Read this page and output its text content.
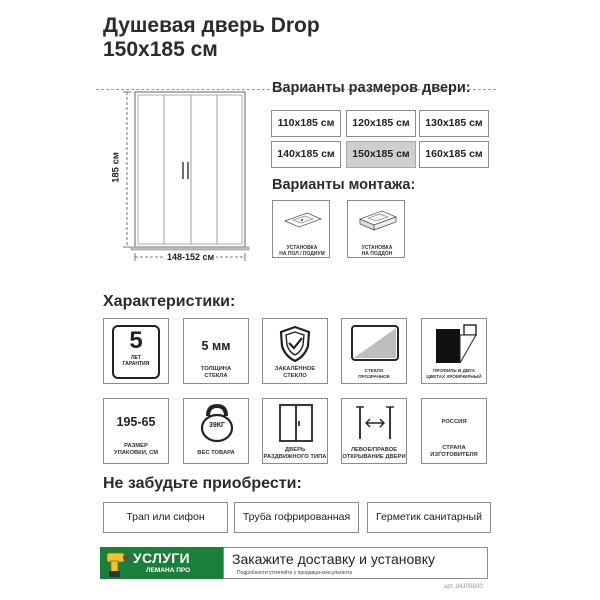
Душевая дверь Drop
150х185 см
185 см
148-152 см
Варианты размеров двери:
110х185 см	120х185 см	130х185 см
140х185 см	150х185 см	160х185 см
Варианты монтажа:
УСТАНОВКА
НА ПОЛ / ПОДИУМ
УСТАНОВКА
НА ПОДДОН
Характеристики:
5
ЛЕТ
ГАРАНТИЯ
5 мм
ТОЛЩИНА
СТЕКЛА
ЗАКАЛЁННОЕ
СТЕКЛО
СТЕКЛО
ПРОЗРАЧНОЕ
ПРОФИЛЬ В ДВУХ
ЦВЕТАХ ХРОМ/ЧЕРНЫЙ
195-65
РАЗМЕР
УПАКОВКИ, СМ
39КГ
ВЕС ТОВАРА	ДВЕРЬ
РАЗДВИЖНОГО ТИПА
ЛЕВОЕ/ПРАВОЕ
ОТКРЫВАНИЕ ДВЕРИ
РОССИЯ
СТРАНА
ИЗГОТОВИТЕЛЯ
Не забудьте приобрести:
Трап или сифон	Труба гофрированная	Герметик санитарный
УСЛУГИ
ЛЕМАНА ПРО
Закажите доставку и установку
Подробности уточняйте у продавца-консультанта
арт. 84109800
